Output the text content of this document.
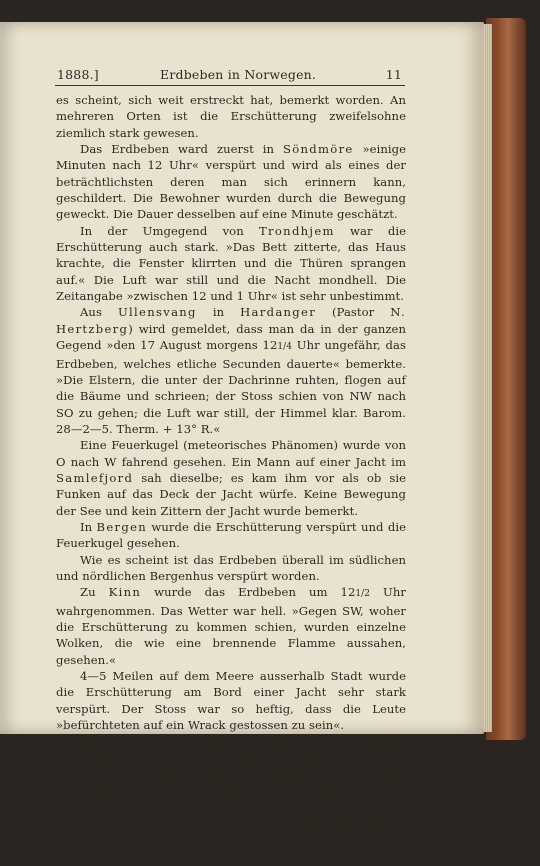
1888.]	Erdbeben in Norwegen.	11

es scheint, sich weit erstreckt hat, bemerkt worden. An mehreren Orten ist die Erschütterung zweifelsohne ziemlich stark gewesen.

Das Erdbeben ward zuerst in Söndmöre »einige Minuten nach 12 Uhr« verspürt und wird als eines der beträchtlichsten deren man sich erinnern kann, geschildert. Die Bewohner wurden durch die Bewegung geweckt. Die Dauer desselben auf eine Minute geschätzt.

In der Umgegend von Trondhjem war die Erschütterung auch stark. »Das Bett zitterte, das Haus krachte, die Fenster klirrten und die Thüren sprangen auf.« Die Luft war still und die Nacht mondhell. Die Zeitangabe »zwischen 12 und 1 Uhr« ist sehr unbestimmt.

Aus Ullensvang in Hardanger (Pastor N. Hertzberg) wird gemeldet, dass man da in der ganzen Gegend »den 17 August morgens 121/4 Uhr ungefähr, das Erdbeben, welches etliche Secunden dauerte« bemerkte. »Die Elstern, die unter der Dachrinne ruhten, flogen auf die Bäume und schrieen; der Stoss schien von NW nach SO zu gehen; die Luft war still, der Himmel klar. Barom. 28—2—5. Therm. + 13° R.«

Eine Feuerkugel (meteorisches Phänomen) wurde von O nach W fahrend gesehen. Ein Mann auf einer Jacht im Samlefjord sah dieselbe; es kam ihm vor als ob sie Funken auf das Deck der Jacht würfe. Keine Bewegung der See und kein Zittern der Jacht wurde bemerkt.

In Bergen wurde die Erschütterung verspürt und die Feuerkugel gesehen.

Wie es scheint ist das Erdbeben überall im südlichen und nördlichen Bergenhus verspürt worden.

Zu Kinn wurde das Erdbeben um 121/2 Uhr wahrgenommen. Das Wetter war hell. »Gegen SW, woher die Erschütterung zu kommen schien, wurden einzelne Wolken, die wie eine brennende Flamme aussahen, gesehen.«

4—5 Meilen auf dem Meere ausserhalb Stadt wurde die Erschütterung am Bord einer Jacht sehr stark verspürt. Der Stoss war so heftig, dass die Leute »befürchteten auf ein Wrack gestossen zu sein«.

Zu Moen in Kviteseid (Thelemarken) bemerkten die Leute um 123/4 Uhr ein heftiges Erdbeben, wodurch viele Leute aus dem Schlafe geweckt wurden. Man nahm zwei, durch einen kurzen Zwischenraum getrennte Stösse wahr.

Nach dem ersten Stosse »der beinahe eine Minute dauerte« wurde »ein sonderbares Sausen und Brausen sowohl in als ausser
